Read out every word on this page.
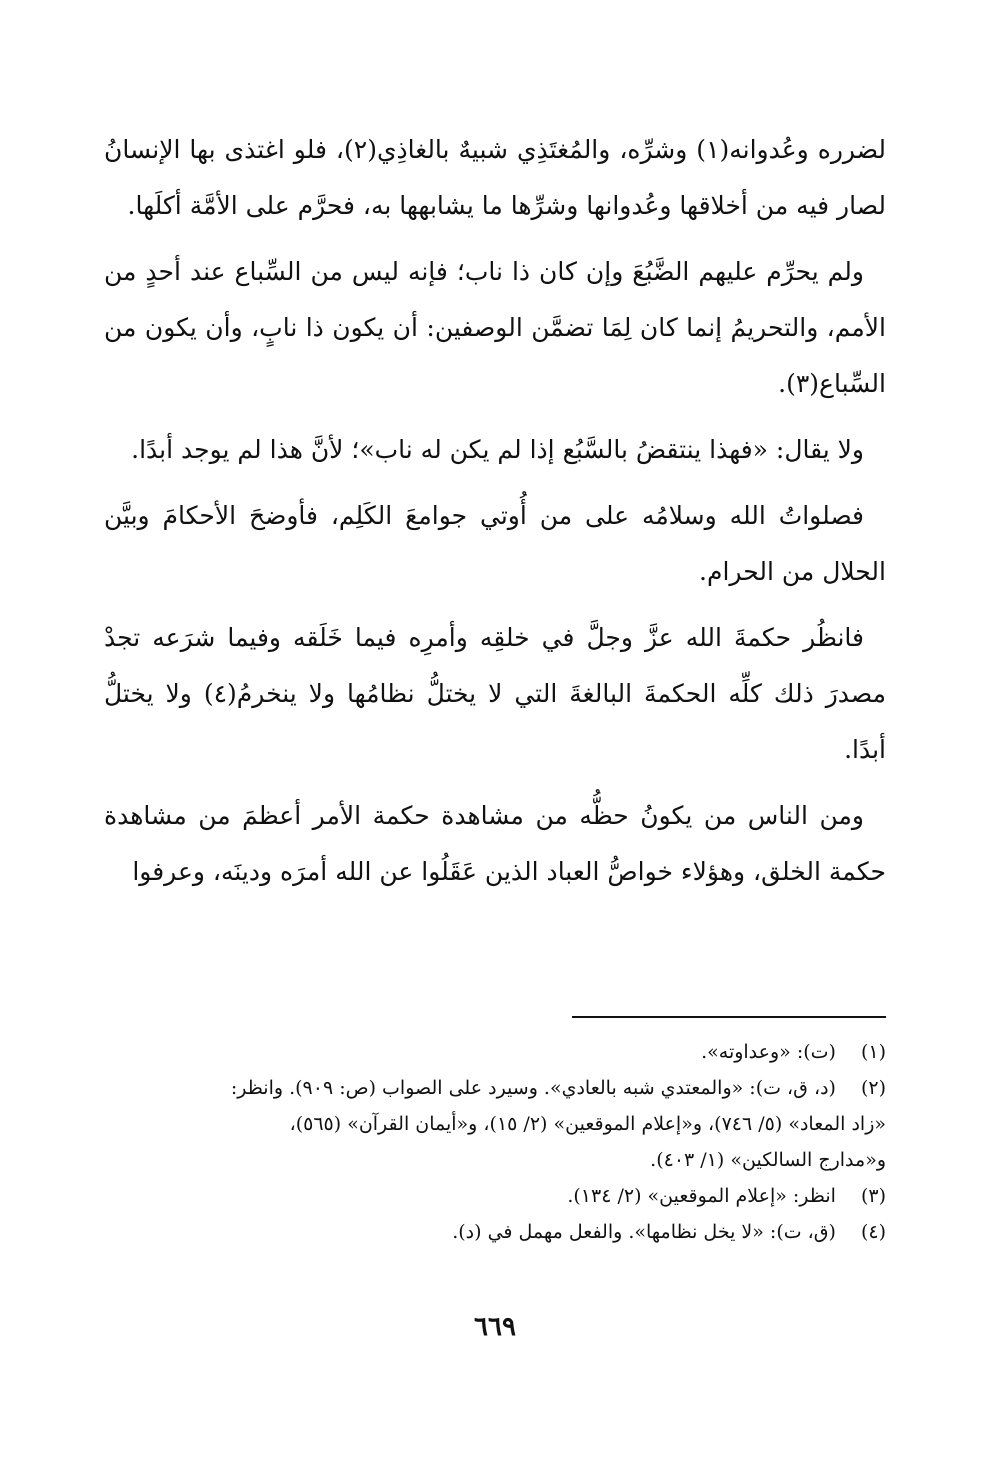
لضرره وعُدوانه(١) وشرِّه، والمُغتَذِي شبيهٌ بالغاذِي(٢)، فلو اغتذى بها الإنسانُ لصار فيه من أخلاقها وعُدوانها وشرِّها ما يشابهها به، فحرَّم على الأمَّة أكلَها.

ولم يحرِّم عليهم الضَّبُعَ وإن كان ذا ناب؛ فإنه ليس من السِّباع عند أحدٍ من الأمم، والتحريمُ إنما كان لِمَا تضمَّن الوصفين: أن يكون ذا نابٍ، وأن يكون من السِّباع(٣).

ولا يقال: «فهذا ينتقضُ بالسَّبُع إذا لم يكن له ناب»؛ لأنَّ هذا لم يوجد أبدًا.

فصلواتُ الله وسلامُه على من أُوتي جوامعَ الكَلِم، فأوضحَ الأحكامَ وبيَّن الحلال من الحرام.

فانظُر حكمةَ الله عزَّ وجلَّ في خلقِه وأمرِه فيما خَلَقه وفيما شرَعه تجدْ مصدرَ ذلك كلِّه الحكمةَ البالغةَ التي لا يختلُّ نظامُها ولا ينخرمُ(٤) ولا يختلُّ أبدًا.

ومن الناس من يكونُ حظُّه من مشاهدة حكمة الأمر أعظمَ من مشاهدة حكمة الخلق، وهؤلاء خواصُّ العباد الذين عَقَلُوا عن الله أمرَه ودينَه، وعرفوا

(١) (ت): «وعداوته».
(٢) (د، ق، ت): «والمعتدي شبه بالعادي». وسيرد على الصواب (ص: ٩٠٩). وانظر:
«زاد المعاد» (٥/ ٧٤٦)، و«إعلام الموقعين» (٢/ ١٥)، و«أيمان القرآن» (٥٦٥)،
و«مدارج السالكين» (١/ ٤٠٣).
(٣) انظر: «إعلام الموقعين» (٢/ ١٣٤).
(٤) (ق، ت): «لا يخل نظامها». والفعل مهمل في (د).
٦٦٩
